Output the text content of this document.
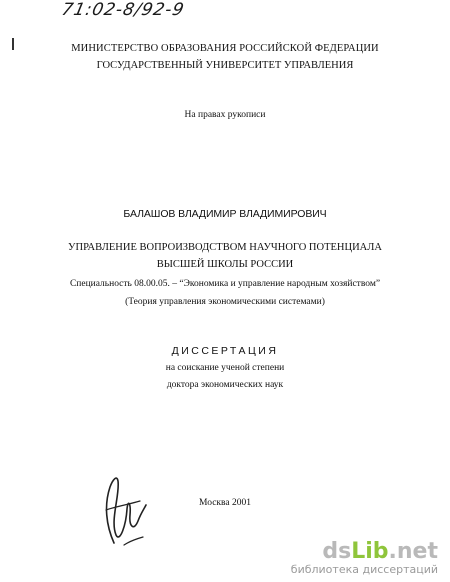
71:02-8/92-9
МИНИСТЕРСТВО ОБРАЗОВАНИЯ РОССИЙСКОЙ ФЕДЕРАЦИИ
ГОСУДАРСТВЕННЫЙ УНИВЕРСИТЕТ УПРАВЛЕНИЯ
На правах рукописи
БАЛАШОВ ВЛАДИМИР ВЛАДИМИРОВИЧ
УПРАВЛЕНИЕ ВОПРОИЗВОДСТВОМ НАУЧНОГО ПОТЕНЦИАЛА
ВЫСШЕЙ ШКОЛЫ РОССИИ
Специальность 08.00.05. – “Экономика и управление народным хозяйством”
(Теория управления экономическими системами)
ДИССЕРТАЦИЯ
на соискание ученой степени
доктора экономических наук
Москва 2001
dsLib.net
библиотека диссертаций
